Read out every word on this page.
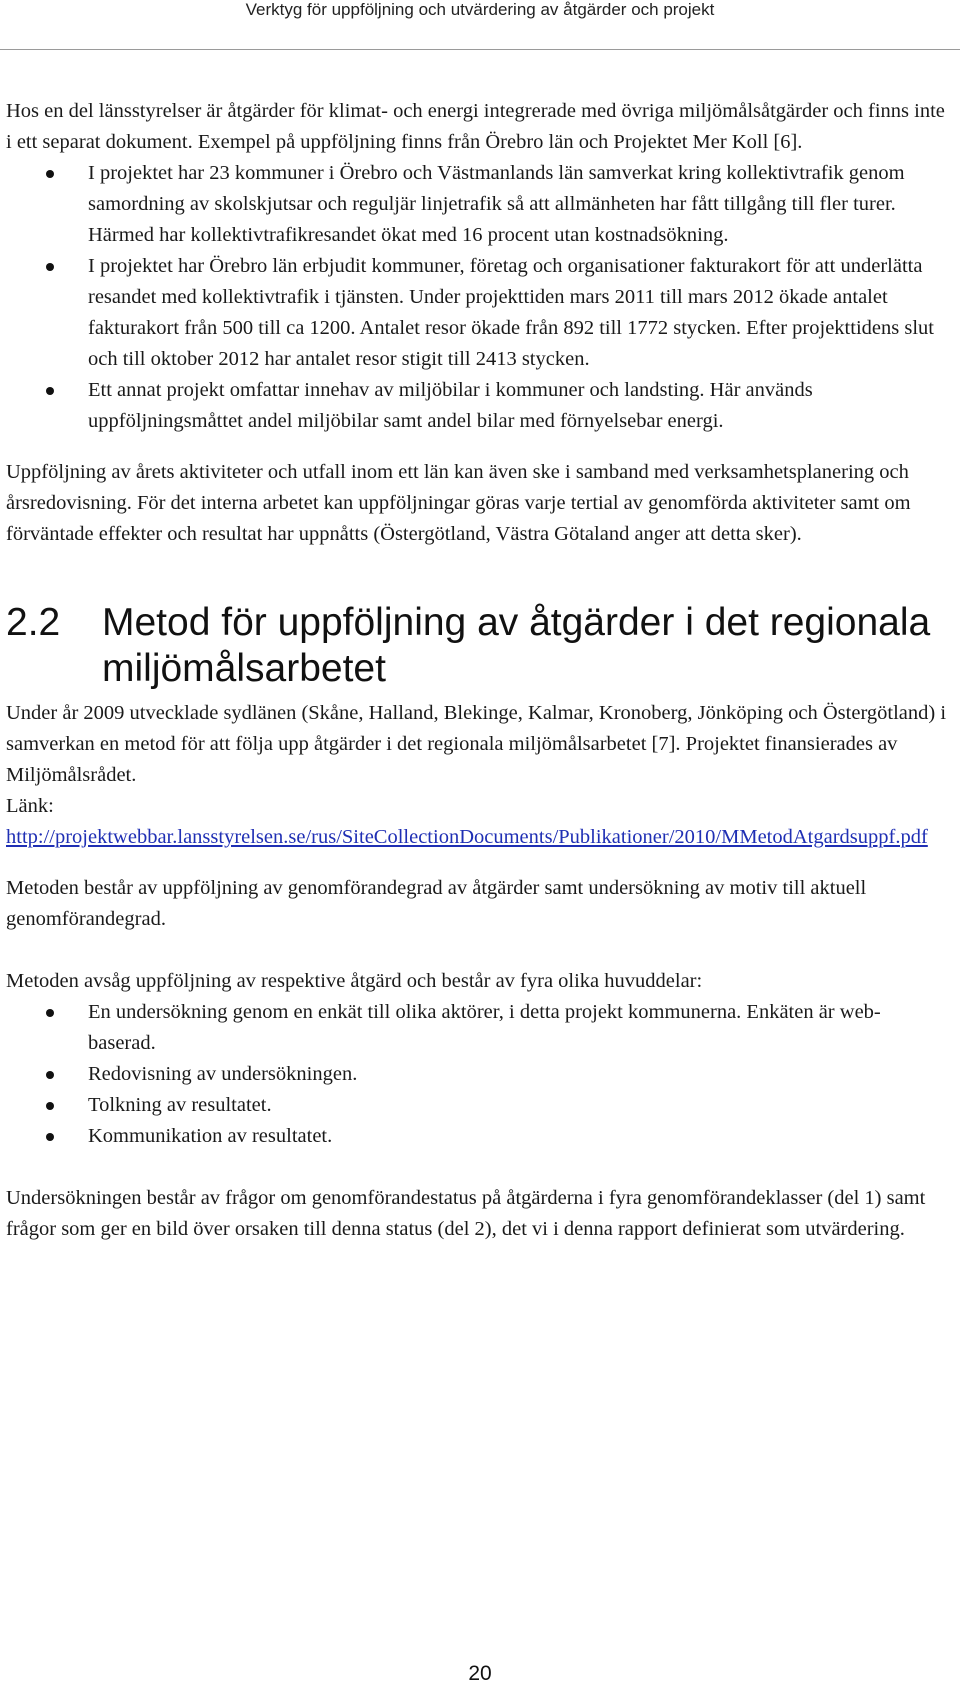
Verktyg för uppföljning och utvärdering av åtgärder och projekt

Hos en del länsstyrelser är åtgärder för klimat- och energi integrerade med övriga miljömålsåtgärder och finns inte i ett separat dokument. Exempel på uppföljning finns från Örebro län och Projektet Mer Koll [6].

I projektet har 23 kommuner i Örebro och Västmanlands län samverkat kring kollektivtrafik genom samordning av skolskjutsar och reguljär linjetrafik så att allmänheten har fått tillgång till fler turer. Härmed har kollektivtrafikresandet ökat med 16 procent utan kostnadsökning.
I projektet har Örebro län erbjudit kommuner, företag och organisationer fakturakort för att underlätta resandet med kollektivtrafik i tjänsten. Under projekttiden mars 2011 till mars 2012 ökade antalet fakturakort från 500 till ca 1200. Antalet resor ökade från 892 till 1772 stycken. Efter projekttidens slut och till oktober 2012 har antalet resor stigit till 2413 stycken.
Ett annat projekt omfattar innehav av miljöbilar i kommuner och landsting. Här används uppföljningsmåttet andel miljöbilar samt andel bilar med förnyelsebar energi.

Uppföljning av årets aktiviteter och utfall inom ett län kan även ske i samband med verksamhetsplanering och årsredovisning. För det interna arbetet kan uppföljningar göras varje tertial av genomförda aktiviteter samt om förväntade effekter och resultat har uppnåtts (Östergötland, Västra Götaland anger att detta sker).

2.2 Metod för uppföljning av åtgärder i det regionala miljömålsarbetet

Under år 2009 utvecklade sydlänen (Skåne, Halland, Blekinge, Kalmar, Kronoberg, Jönköping och Östergötland) i samverkan en metod för att följa upp åtgärder i det regionala miljömålsarbetet [7]. Projektet finansierades av Miljömålsrådet.

Länk:

http://projektwebbar.lansstyrelsen.se/rus/SiteCollectionDocuments/Publikationer/2010/MMetodAtgardsuppf.pdf

Metoden består av uppföljning av genomförandegrad av åtgärder samt undersökning av motiv till aktuell genomförandegrad.

Metoden avsåg uppföljning av respektive åtgärd och består av fyra olika huvuddelar:

En undersökning genom en enkät till olika aktörer, i detta projekt kommunerna. Enkäten är web-baserad.
Redovisning av undersökningen.
Tolkning av resultatet.
Kommunikation av resultatet.

Undersökningen består av frågor om genomförandestatus på åtgärderna i fyra genomförandeklasser (del 1) samt frågor som ger en bild över orsaken till denna status (del 2), det vi i denna rapport definierat som utvärdering.

20
